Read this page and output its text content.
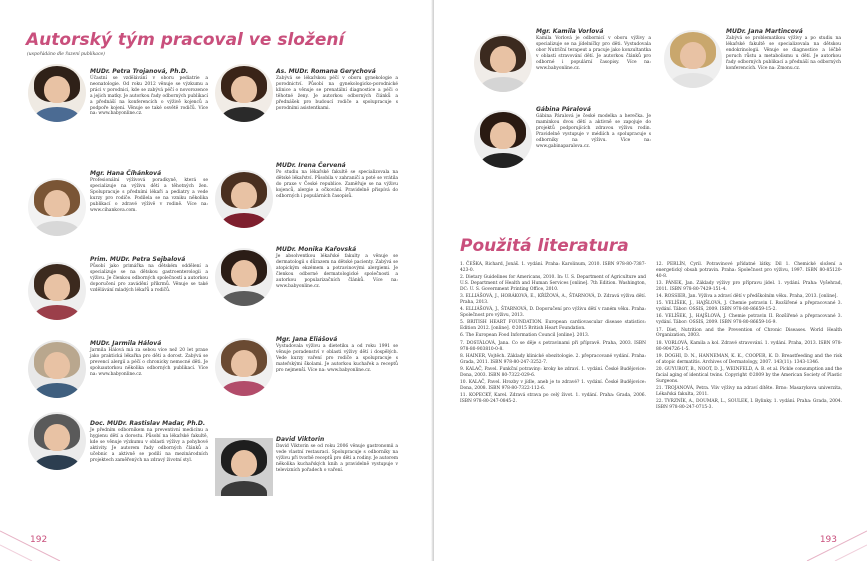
Autorský tým pracoval ve složení
(uspořádáno dle řazení publikace)
MUDr. Petra Trojanová, Ph.D.
Účastní se vzdělávání v oboru pediatrie a neonatologie. Od roku 2012 věnuje se výzkumu a práci v porodnici, kde se zabývá péčí o novorozence a jejich matky. Je autorkou řady odborných publikací a přednáší na konferencích o výživě kojenců a podpoře kojení. Věnuje se také osvětě rodičů. Více na: www.babyonline.cz.
Mgr. Hana Číhánková
Profesionální výživová poradkyně, která se specializuje na výživu dětí a těhotných žen. Spolupracuje s předními lékaři a pediatry a vede kurzy pro rodiče. Podílela se na vzniku několika publikací o zdravé výživě v rodině. Více na: www.cihankova.com.
Prim. MUDr. Petra Sejbalová
Působí jako primářka na dětském oddělení a specializuje se na dětskou gastroenterologii a výživu. Je členkou odborných společností a autorkou doporučení pro zavádění příkrmů. Věnuje se také vzdělávání mladých lékařů a rodičů.
MUDr. Jarmila Hálová
Jarmila Hálová má za sebou více než 20 let praxe jako praktická lékařka pro děti a dorost. Zabývá se prevencí alergií a péčí o chronicky nemocné děti. Je spoluautorkou několika odborných publikací. Více na: www.babyonline.cz.
Doc. MUDr. Rastislav Madar, Ph.D.
Je předním odborníkem na preventivní medicínu a hygienu dětí a dorostu. Působí na lékařské fakultě, kde se věnuje výzkumu v oblasti výživy a pohybové aktivity. Je autorem řady odborných článků a učebnic a aktivně se podílí na mezinárodních projektech zaměřených na zdravý životní styl.
As. MUDr. Romana Gerychová
Zabývá se lékařskou péčí v oboru gynekologie a porodnictví. Působí na gynekologicko-porodnické klinice a věnuje se prenatální diagnostice a péči o těhotné ženy. Je autorkou odborných článků a přednášek pro budoucí rodiče a spolupracuje s porodními asistentkami.
MUDr. Irena Červená
Po studiu na lékařské fakultě se specializovala na dětské lékařství. Působila v zahraničí a poté se vrátila do praxe v České republice. Zaměřuje se na výživu kojenců, alergie a očkování. Pravidelně přispívá do odborných i populárních časopisů.
MUDr. Monika Kařovská
Je absolventkou lékařské fakulty a věnuje se dermatologii s důrazem na dětské pacienty. Zabývá se atopickým ekzémem a potravinovými alergiemi. Je členkou odborné dermatologické společnosti a autorkou popularizačních článků. Více na: www.babyonline.cz.
Mgr. Jana Eliášová
Vystudovala výživu a dietetiku a od roku 1991 se věnuje poradenství v oblasti výživy dětí i dospělých. Vede kurzy vaření pro rodiče a spolupracuje s mateřskými školami. Je autorkou kuchařek a receptů pro nejmenší. Více na: www.babyonline.cz.
David Viktorin
David Viktorin se od roku 2006 věnuje gastronomii a vede vlastní restauraci. Spolupracuje s odborníky na výživu při tvorbě receptů pro děti a rodiny. Je autorem několika kuchařských knih a pravidelně vystupuje v televizních pořadech o vaření.
192
Mgr. Kamila Vorlová
Kamila Vorlová je odbornicí v oboru výživy a specializuje se na jídelníčky pro děti. Vystudovala obor Nutriční terapeut a pracuje jako konzultantka v oblasti stravování dětí. Je autorkou článků pro odborné i populární časopisy. Více na: www.babyonline.cz.
Gábina Páralová
Gábina Páralová je české modelka a herečka. Je maminkou dvou dětí a aktivně se zapojuje do projektů podporujících zdravou výživu rodin. Pravidelně vystupuje v médiích a spolupracuje s odborníky na výživu. Více na: www.gabinaparalova.cz.
MUDr. Jana Martincová
Zabývá se problematikou výživy a po studiu na lékařské fakultě se specializovala na dětskou endokrinologii. Věnuje se diagnostice a léčbě poruch růstu a metabolismu u dětí. Je autorkou řady odborných publikací a přednáší na odborných konferencích. Více na: Zmonu.cz.
Použitá literatura
1. ČEŠKA, Richard, Jonáš. 1. vydání. Praha: Karolinum, 2010. ISBN 978-80-7387-423-0.
2. Dietary Guidelines for Americans, 2010. In: U. S. Department of Agriculture and U.S. Department of Health and Human Services [online]. 7th Edition. Washington, DC: U. S. Government Printing Office, 2010.
3. ELLIÁŠOVÁ, J., HORÁKOVÁ, E., KŘÍŽOVÁ, A., ŠTARNOVÁ, D. Zdravá výživa dětí. Praha, 2013.
4. ELLIÁŠOVÁ, J., ŠTARNOVÁ, D. Doporučení pro výživu dětí v raném věku. Praha: Společnost pro výživu, 2013.
5. BRITISH HEART FOUNDATION. European cardiovascular disease statistics: Edition 2012. [online]. ©2015 British Heart Foundation.
6. The European Food Information Council [online]. 2013.
7. DOSTÁLOVÁ, Jana. Co se děje s potravinami při přípravě. Praha, 2003. ISBN 978-80-903810-0-8.
8. HAINER, Vojtěch. Základy klinické obezitologie. 2. přepracované vydání. Praha: Grada, 2011. ISBN 978-80-247-3252-7.
9. KALAČ, Pavel. Funkční potraviny: kroky ke zdraví. 1. vydání. České Budějovice: Dona, 2003. ISBN 80-7322-029-6.
10. KALAČ, Pavel. Hrozby v jídle, aneb je to zdravé? 1. vydání. České Budějovice: Dona, 2008. ISBN 978-80-7322-112-6.
11. KOPECKÝ, Karel. Zdravá strava po celý život. 1. vydání. Praha: Grada, 2006. ISBN 978-80-247-0845-2.
12. PERLÍN, Cyril. Potravinové přídatné látky. Díl 1. Chemické složení a energetický obsah potravin. Praha: Společnost pro výživu, 1997. ISBN 80-85120-40-8.
13. PÁNEK, Jan. Základy výživy pro přípravu jídel. 1. vydání. Praha: Vyšehrad, 2011. ISBN 978-80-7429-151-4.
14. ROSSIER, Jan. Výživa a zdraví dětí v předškolním věku. Praha, 2013. [online].
15. VELÍŠEK, J., HAJŠLOVÁ, J. Chemie potravin I. Rozšířené a přepracované 3. vydání. Tábor: OSSIS, 2009. ISBN 978-80-86659-15-2.
16. VELÍŠEK, J., HAJŠLOVÁ, J. Chemie potravin II. Rozšířené a přepracované 3. vydání. Tábor: OSSIS, 2009. ISBN 978-80-86659-16-9.
17. Diet, Nutrition and the Prevention of Chronic Diseases. World Health Organization, 2003.
18. VORLOVÁ, Kamila a kol. Zdravé stravování. 1. vydání. Praha, 2013. ISBN 978-80-904726-1-5.
19. DOGHI, D. N., HANNEMAN, K. K., COOPER, K. D. Breastfeeding and the risk of atopic dermatitis. Archives of Dermatology, 2007. 143(11): 1343-1346.
20. GUYUROT, B., NOOT, D. J., WEINFELD, A. B. et al. Pickle consumption and the facial aging of identical twins. Copyright ©2009 by the American Society of Plastic Surgeons.
21. TROJANOVÁ, Petra. Vliv výživy na zdraví dítěte. Brno: Masarykova univerzita, Lékařská fakulta, 2011.
22. TVRZNÍK, A., DOUMAR, L., SOULEK, I. Bylinky. 1. vydání. Praha: Grada, 2004. ISBN 978-80-247-0715-3.
193
